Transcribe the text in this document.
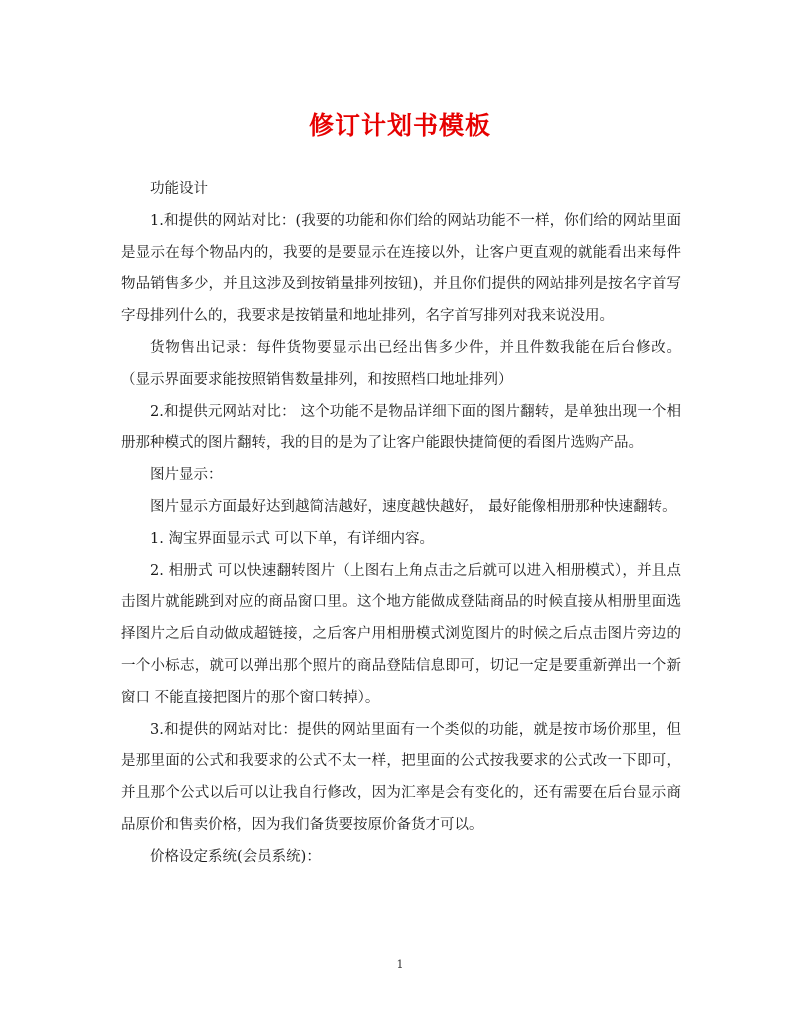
修订计划书模板

功能设计

1.和提供的网站对比：(我要的功能和你们给的网站功能不一样，你们给的网站里面是显示在每个物品内的，我要的是要显示在连接以外，让客户更直观的就能看出来每件物品销售多少，并且这涉及到按销量排列按钮)，并且你们提供的网站排列是按名字首写字母排列什么的，我要求是按销量和地址排列，名字首写排列对我来说没用。

货物售出记录：每件货物要显示出已经出售多少件，并且件数我能在后台修改。 （显示界面要求能按照销售数量排列，和按照档口地址排列）

2.和提供元网站对比： 这个功能不是物品详细下面的图片翻转，是单独出现一个相册那种模式的图片翻转，我的目的是为了让客户能跟快捷简便的看图片选购产品。

图片显示：

图片显示方面最好达到越简洁越好，速度越快越好， 最好能像相册那种快速翻转。

1. 淘宝界面显示式 可以下单，有详细内容。

2. 相册式 可以快速翻转图片（上图右上角点击之后就可以进入相册模式），并且点击图片就能跳到对应的商品窗口里。这个地方能做成登陆商品的时候直接从相册里面选择图片之后自动做成超链接，之后客户用相册模式浏览图片的时候之后点击图片旁边的一个小标志，就可以弹出那个照片的商品登陆信息即可，切记一定是要重新弹出一个新窗口 不能直接把图片的那个窗口转掉）。

3.和提供的网站对比：提供的网站里面有一个类似的功能，就是按市场价那里，但是那里面的公式和我要求的公式不太一样，把里面的公式按我要求的公式改一下即可，并且那个公式以后可以让我自行修改，因为汇率是会有变化的，还有需要在后台显示商品原价和售卖价格，因为我们备货要按原价备货才可以。

价格设定系统(会员系统)：

1
